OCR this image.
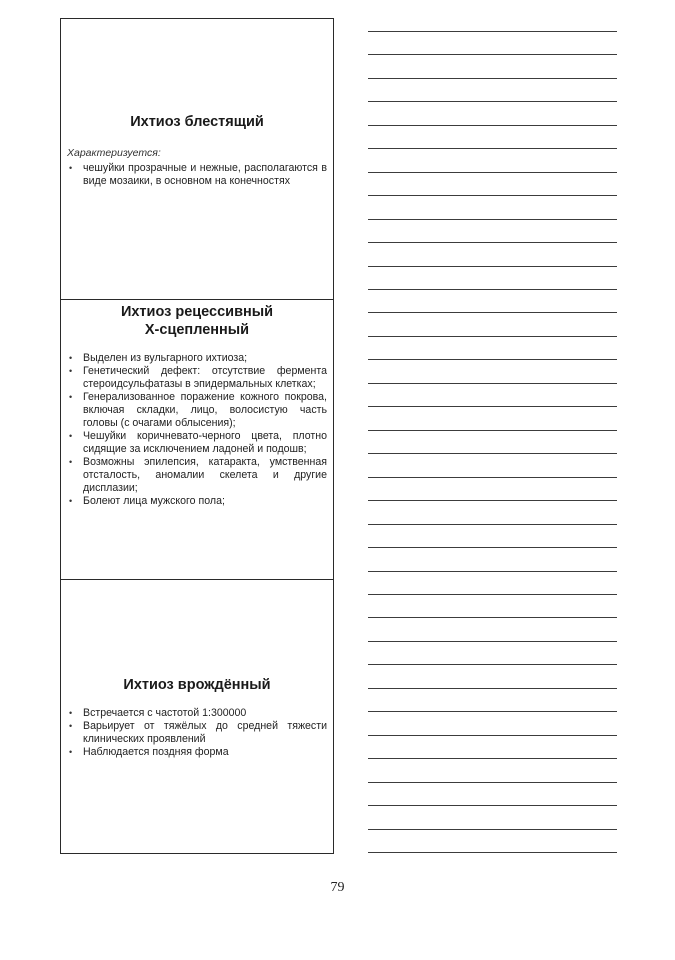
Ихтиоз блестящий
Характеризуется:
• чешуйки прозрачные и нежные, располагаются в виде мозаики, в основном на конечностях
Ихтиоз рецессивный
Х-сцепленный
• Выделен из вульгарного ихтиоза;
• Генетический дефект: отсутствие фермента стероидсульфатазы в эпидермальных клетках;
• Генерализованное поражение кожного покрова, включая складки, лицо, волосистую часть головы (с очагами облысения);
• Чешуйки коричневато-черного цвета, плотно сидящие за исключением ладоней и подошв;
• Возможны эпилепсия, катаракта, умственная отсталость, аномалии скелета и другие дисплазии;
• Болеют лица мужского пола;
Ихтиоз врождённый
• Встречается с частотой 1:300000
• Варьирует от тяжёлых до средней тяжести клинических проявлений
• Наблюдается поздняя форма
79
